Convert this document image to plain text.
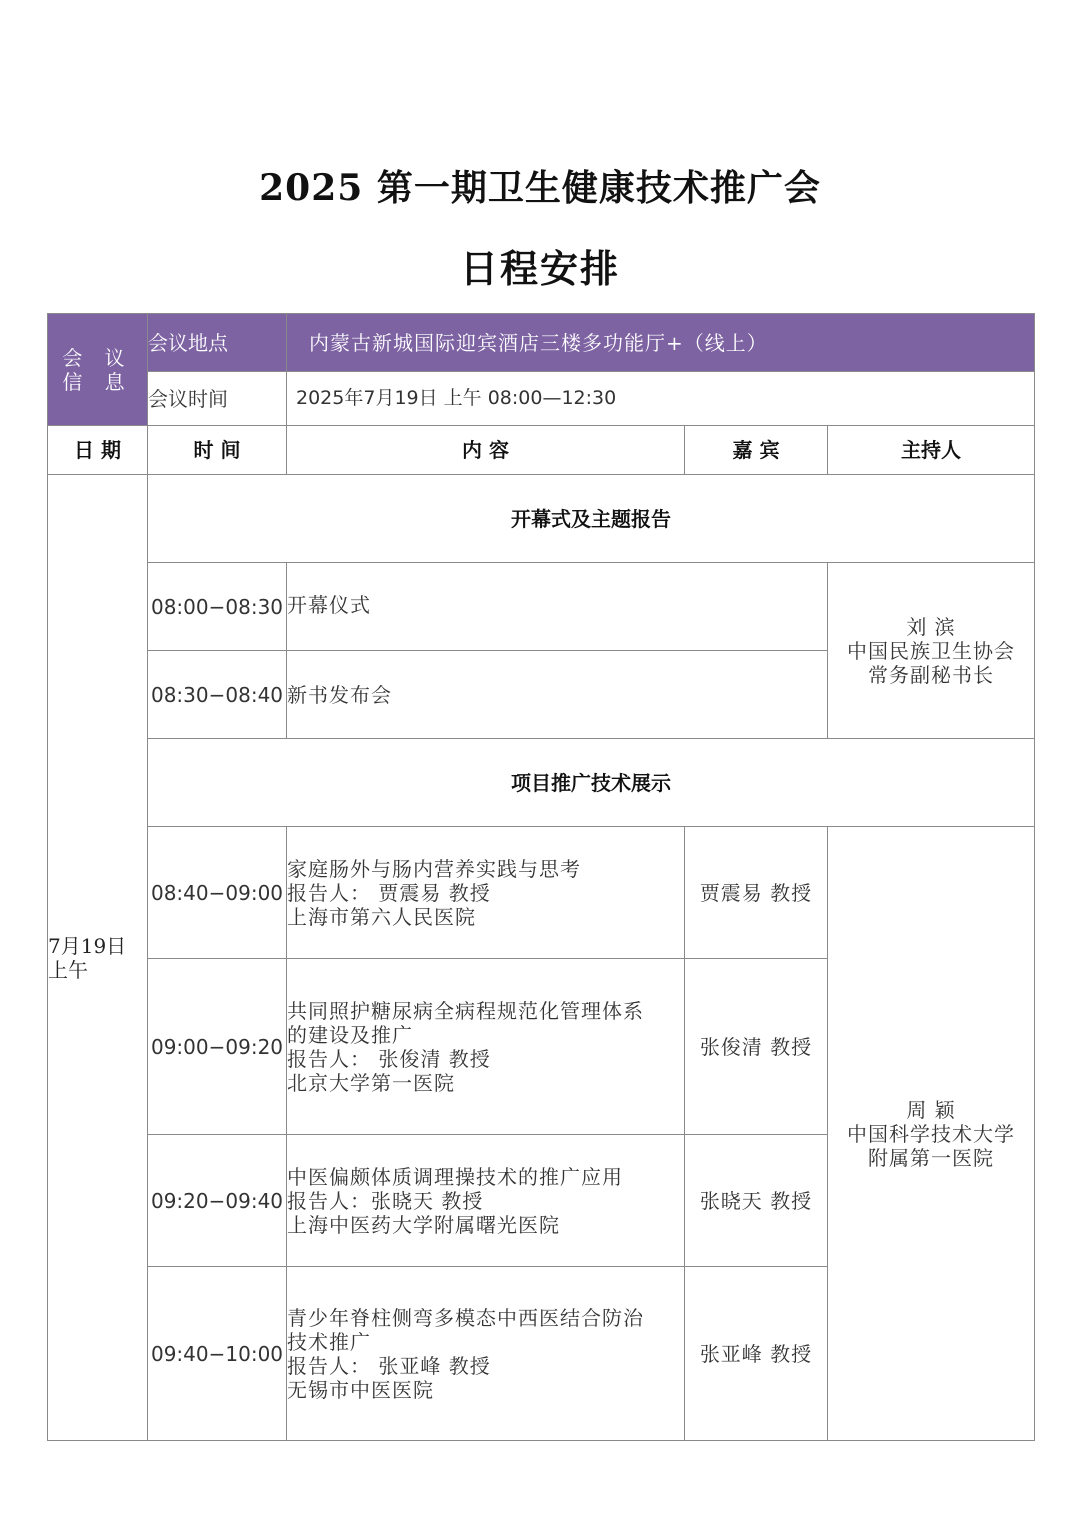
2025 第一期卫生健康技术推广会
日程安排
会 议
信 息	会议地点	内蒙古新城国际迎宾酒店三楼多功能厅+（线上）		
	会议时间	2025年7月19日 上午 08:00—12:30		
日 期	时 间	内 容	嘉 宾	主持人

7月19日
上午	开幕式及主题报告			
	08:00−08:30	开幕仪式		刘 滨
中国民族卫生协会
常务副秘书长

	08:30−08:40	新书发布会		
	项目推广技术展示			
	08:40−09:00	家庭肠外与肠内营养实践与思考
报告人： 贾震易 教授
上海市第六人民医院	贾震易 教授	周 颖
中国科学技术大学
附属第一医院

	09:00−09:20	共同照护糖尿病全病程规范化管理体系
的建设及推广
报告人： 张俊清 教授
北京大学第一医院	张俊清 教授	
	09:20−09:40	中医偏颇体质调理操技术的推广应用
报告人：张晓天 教授
上海中医药大学附属曙光医院	张晓天 教授	
	09:40−10:00	青少年脊柱侧弯多模态中西医结合防治
技术推广
报告人： 张亚峰 教授
无锡市中医医院	张亚峰 教授	
